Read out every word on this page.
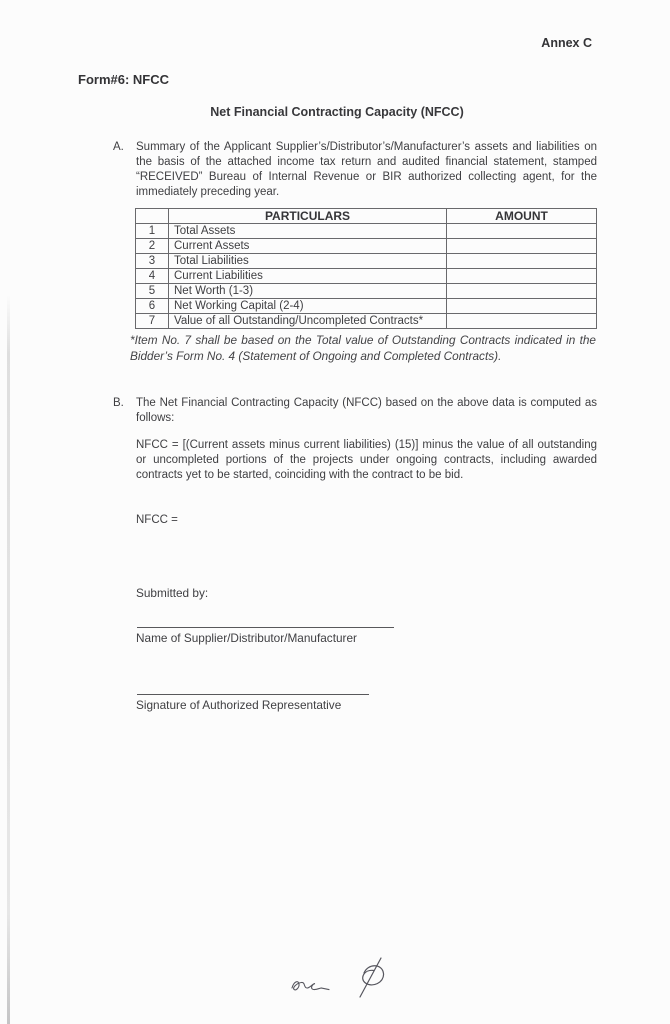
Annex C
Form#6: NFCC
Net Financial Contracting Capacity (NFCC)
A.	Summary of the Applicant Supplier’s/Distributor’s/Manufacturer’s assets and liabilities on the basis of the attached income tax return and audited financial statement, stamped “RECEIVED” Bureau of Internal Revenue or BIR authorized collecting agent, for the immediately preceding year.
	PARTICULARS	AMOUNT
1	Total Assets	
2	Current Assets	
3	Total Liabilities	
4	Current Liabilities	
5	Net Worth (1-3)	
6	Net Working Capital (2-4)	
7	Value of all Outstanding/Uncompleted Contracts*	
*Item No. 7 shall be based on the Total value of Outstanding Contracts indicated in the Bidder’s Form No. 4 (Statement of Ongoing and Completed Contracts).
B.	The Net Financial Contracting Capacity (NFCC) based on the above data is computed as follows:
NFCC = [(Current assets minus current liabilities) (15)] minus the value of all outstanding or uncompleted portions of the projects under ongoing contracts, including awarded contracts yet to be started, coinciding with the contract to be bid.
NFCC =
Submitted by:
Name of Supplier/Distributor/Manufacturer
Signature of Authorized Representative
